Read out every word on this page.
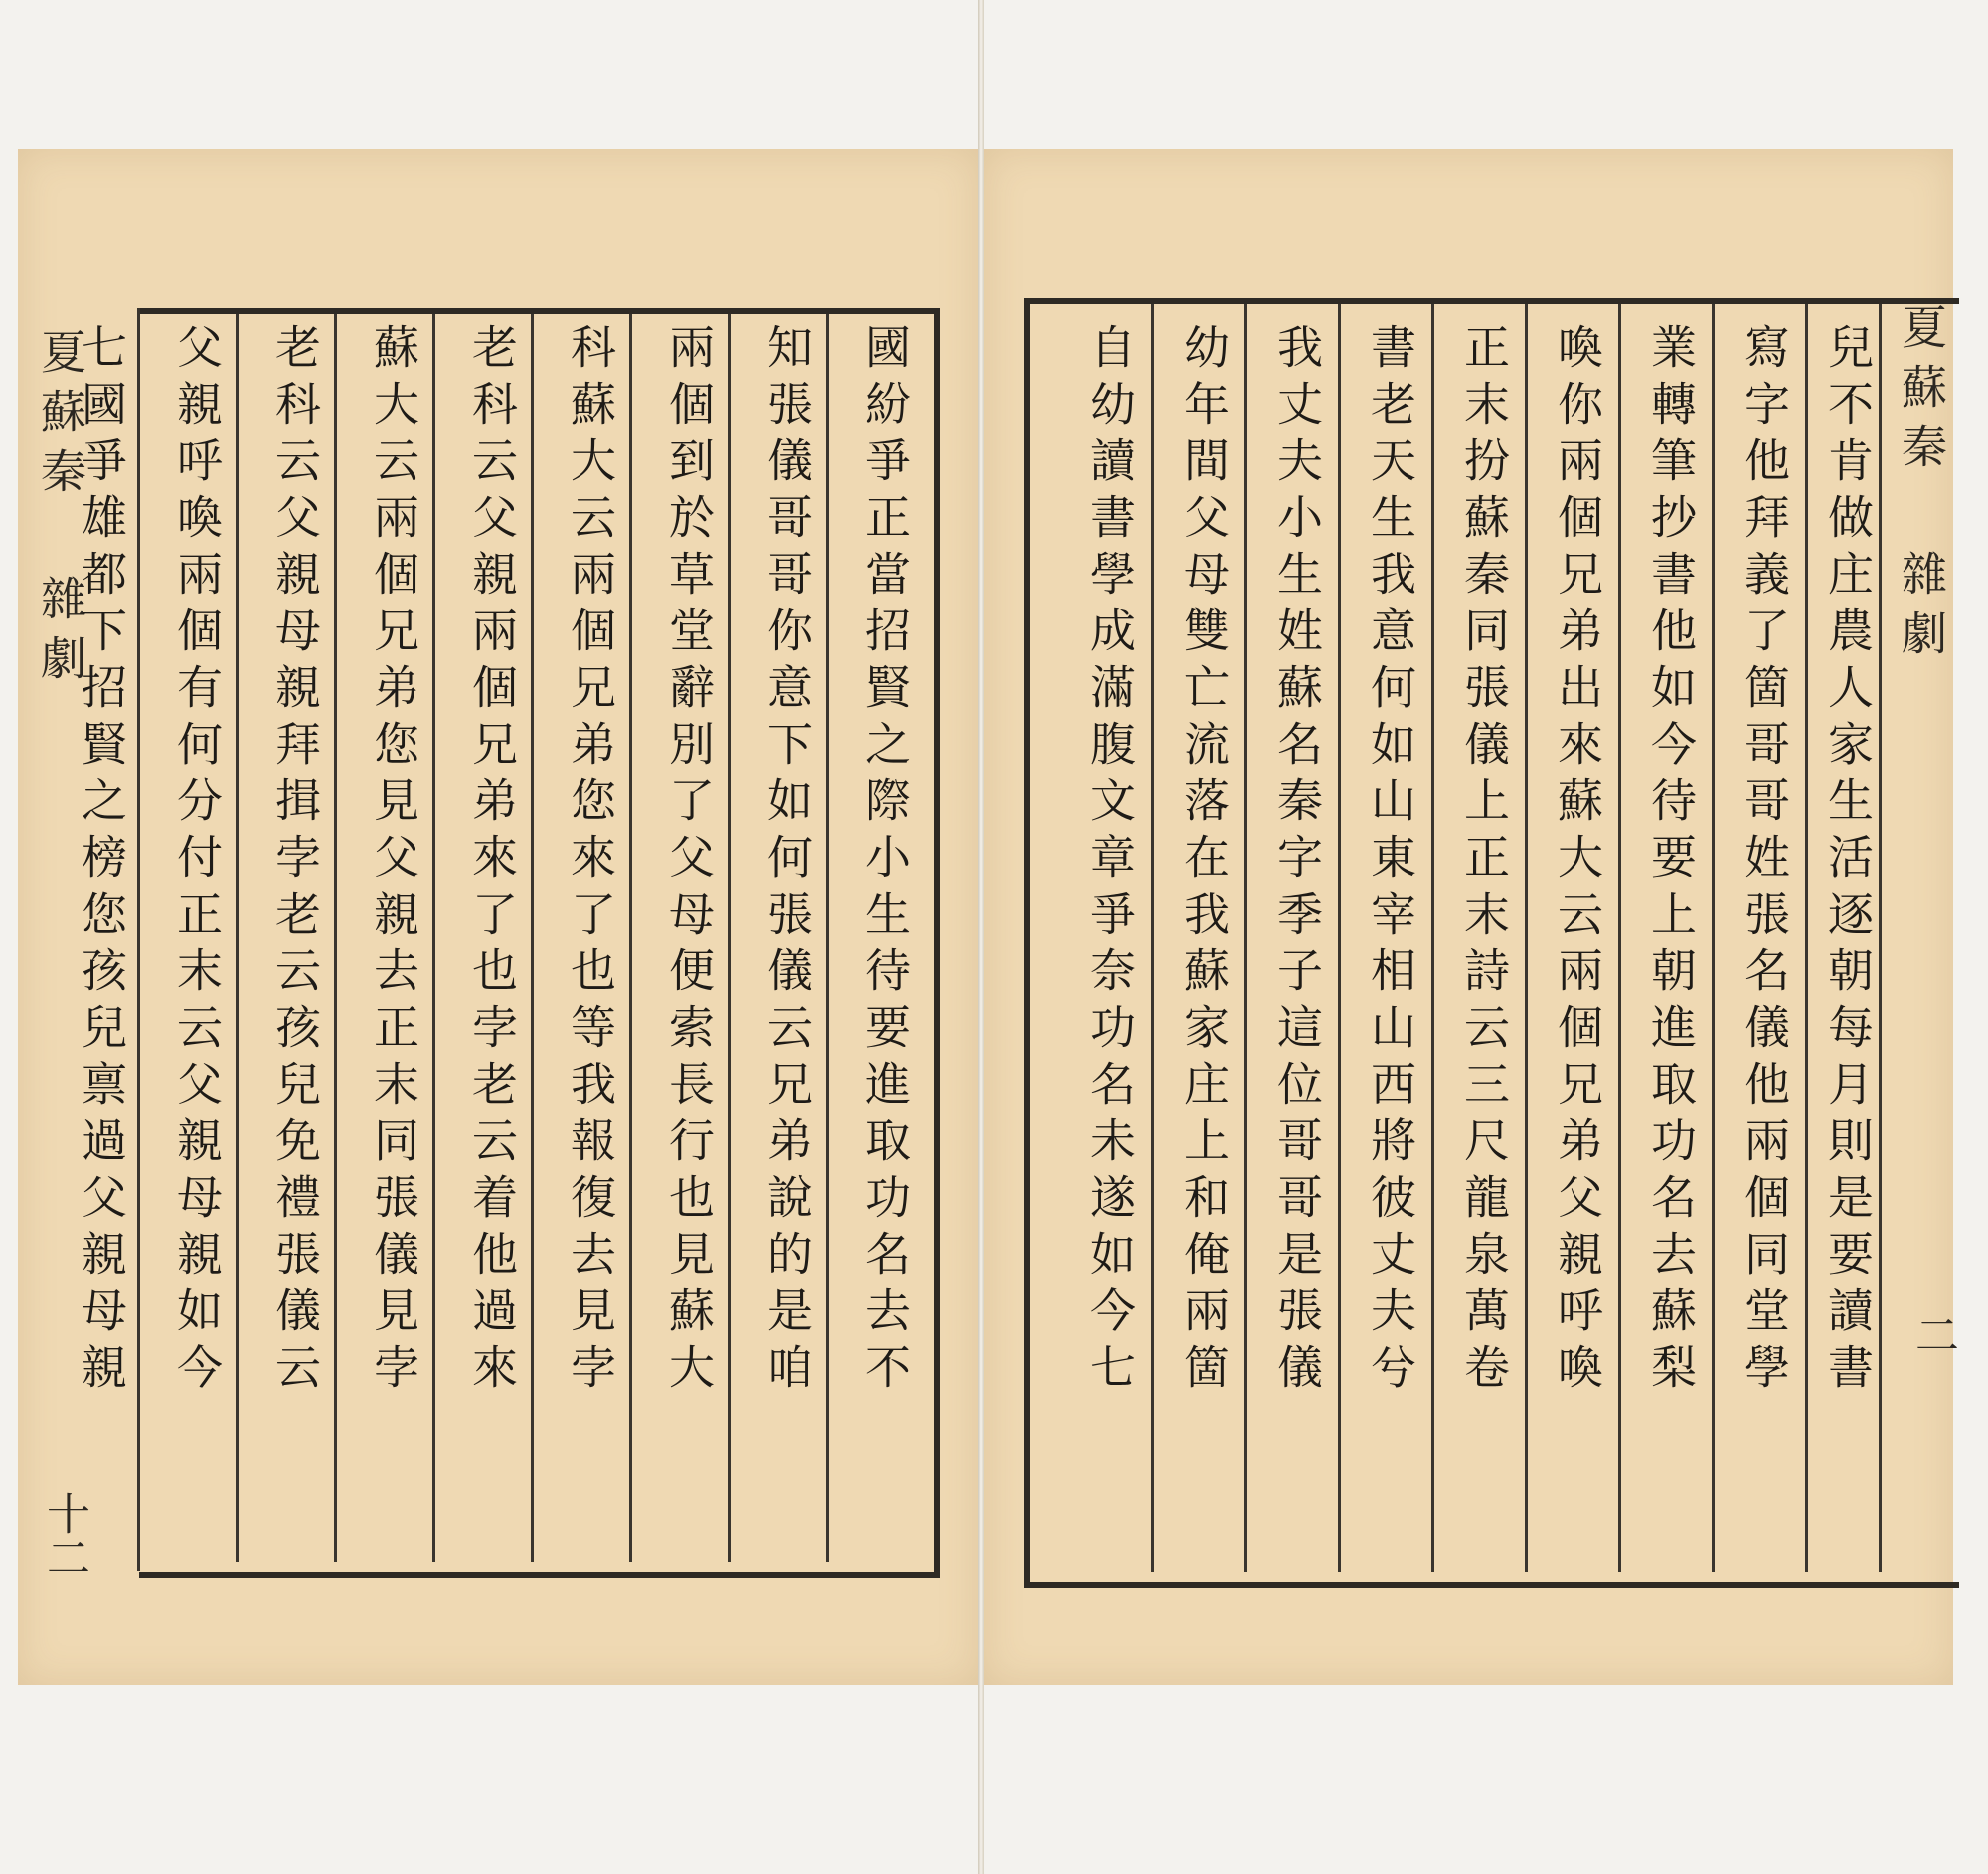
夏蘇秦 雜劇
十二
國紛爭正當招賢之際小生待要進取功名去不
知張儀哥哥你意下如何張儀云兄弟說的是咱
兩個到於草堂辭別了父母便索長行也見蘇大
科蘇大云兩個兄弟您來了也等我報復去見孛
老科云父親兩個兄弟來了也孛老云着他過來
蘇大云兩個兄弟您見父親去正末同張儀見孛
老科云父親母親拜揖孛老云孩兒免禮張儀云
父親呼喚兩個有何分付正末云父親母親如今
七國爭雄都下招賢之榜您孩兒禀過父親母親	夏蘇秦 雜劇
二
兒不肯做庄農人家生活逐朝每月則是要讀書
寫字他拜義了箇哥哥姓張名儀他兩個同堂學
業轉筆抄書他如今待要上朝進取功名去蘇梨
喚你兩個兄弟出來蘇大云兩個兄弟父親呼喚
正末扮蘇秦同張儀上正末詩云三尺龍泉萬卷
書老天生我意何如山東宰相山西將彼丈夫兮
我丈夫小生姓蘇名秦字季子這位哥哥是張儀
幼年間父母雙亡流落在我蘇家庄上和俺兩箇
自幼讀書學成滿腹文章爭奈功名未遂如今七
